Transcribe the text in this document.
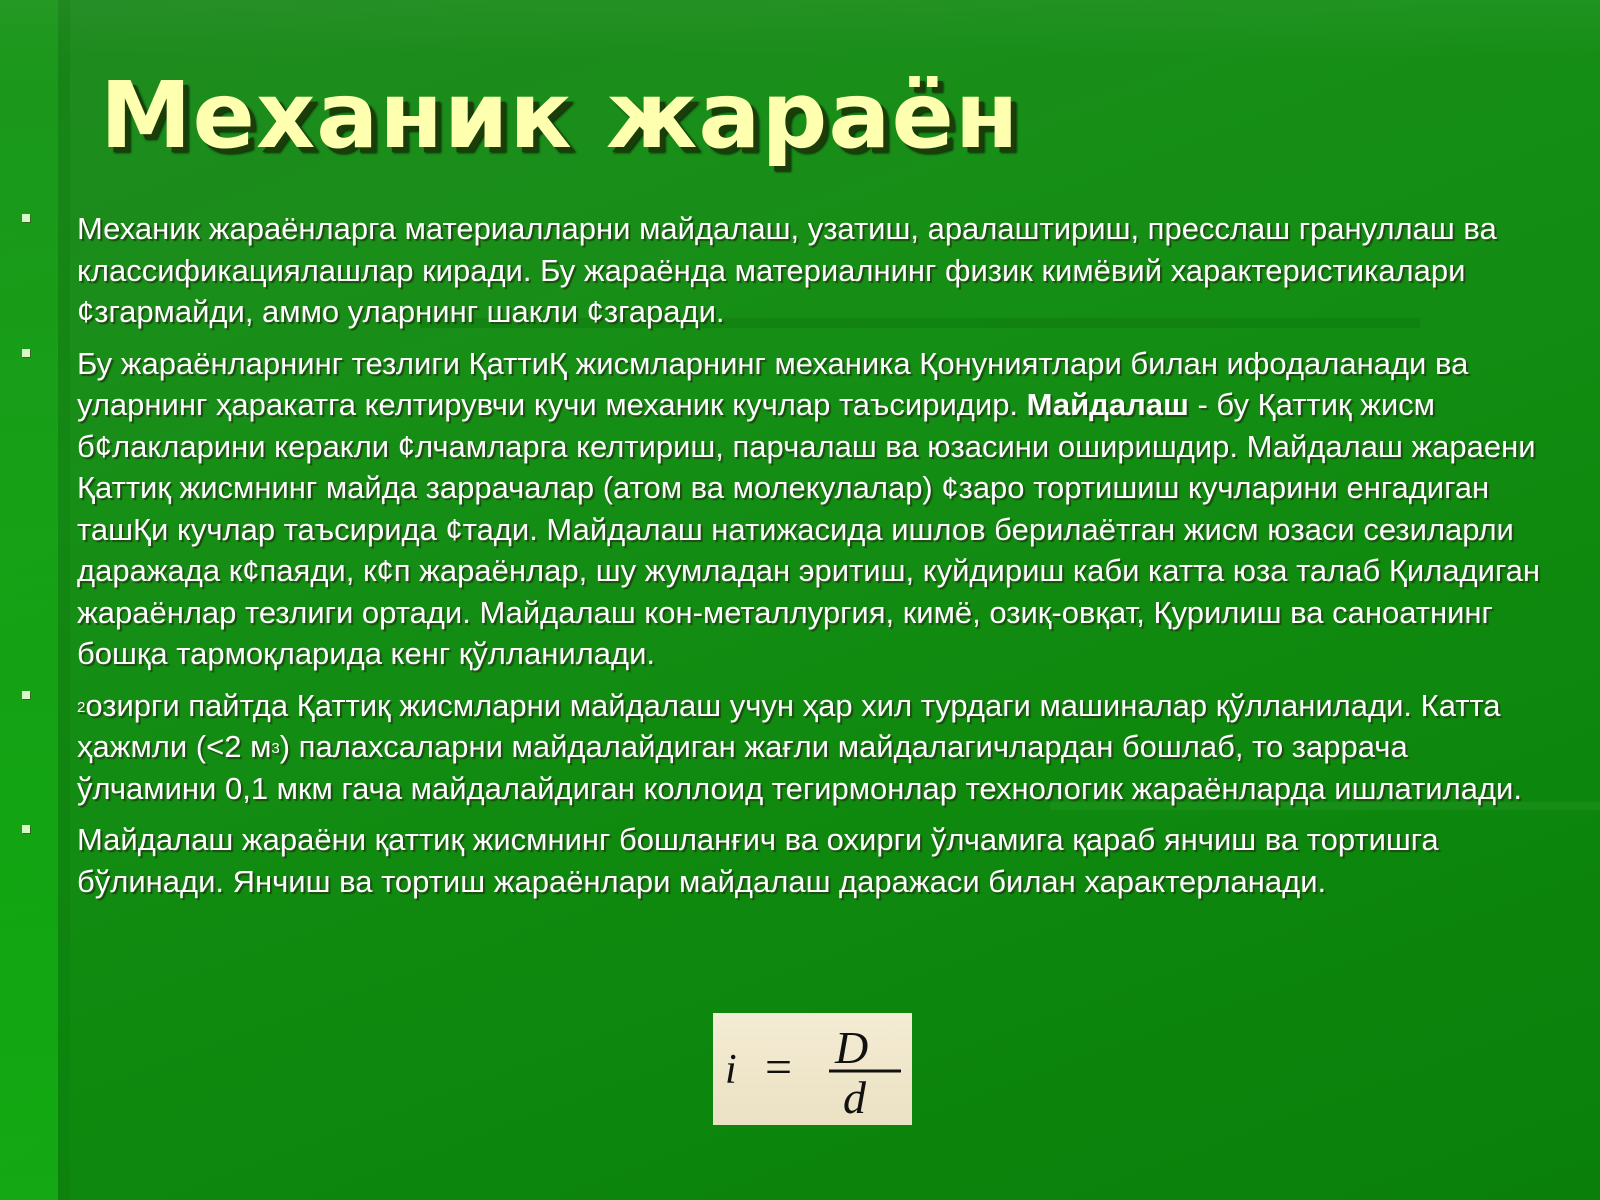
Механик жараён
Механик жараёнларга материалларни майдалаш, узатиш, аралаштириш, пресслаш грануллаш ва классификациялашлар киради. Бу жараёнда материалнинг физик кимёвий характеристикалари ¢згармайди, аммо уларнинг шакли ¢згаради.
Бу жараёнларнинг тезлиги ҚаттиҚ жисмларнинг механика Қонуниятлари билан ифодаланади ва уларнинг ҳаракатга келтирувчи кучи механик кучлар таъсиридир. Майдалаш - бу Қаттиқ жисм б¢лакларини керакли ¢лчамларга келтириш, парчалаш ва юзасини оширишдир. Майдалаш жараени Қаттиқ жисмнинг майда заррачалар (атом ва молекулалар) ¢заро тортишиш кучларини енгадиган ташҚи кучлар таъсирида ¢тади. Майдалаш натижасида ишлов берилаётган жисм юзаси сезиларли даражада к¢паяди, к¢п жараёнлар, шу жумладан эритиш, куйдириш каби катта юза талаб Қиладиган жараёнлар тезлиги ортади. Майдалаш кон-металлургия, кимё, озиқ-овқат, Қурилиш ва саноатнинг бошқа тармоқларида кенг қўлланилади.
$^2$озирги пайтда Қаттиқ жисмларни майдалаш учун ҳар хил турдаги машиналар қўлланилади. Катта ҳажмли (<2 $м^3$) палахсаларни майдалайдиган жағли майдалагичлардан бошлаб, то заррача ўлчамини 0,1 мкм гача майдалайдиган коллоид тегирмонлар технологик жараёнларда ишлатилади.
Майдалаш жараёни қаттиқ жисмнинг бошланғич ва охирги ўлчамига қараб янчиш ва тортишга бўлинади. Янчиш ва тортиш жараёнлари майдалаш даражаси билан характерланади.
i = D
d
